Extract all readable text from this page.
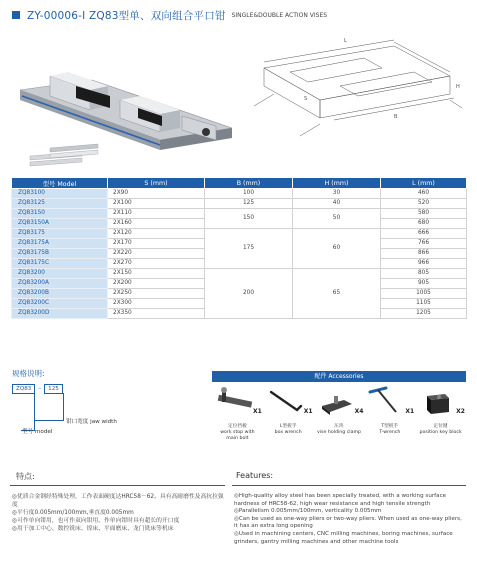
ZY-00006-I ZQ83型单、双向组合平口钳 SINGLE&DOUBLE ACTION VISES
L
S
H
B
型号 Model	S (mm)	B (mm)	H (mm)	L (mm)
ZQ83100	2X90	100	30	460
ZQ83125	2X100	125	40	520
ZQ83150	2X110	150	50	580
ZQ83150A	2X160			680
ZQ83175	2X120	175	60	666
ZQ83175A	2X170			766
ZQ83175B	2X220			866
ZQ83175C	2X270			966
ZQ83200	2X150	200	65	805
ZQ83200A	2X200			905
ZQ83200B	2X250			1005
ZQ83200C	2X300			1105
ZQ83200D	2X350			1205
规格说明:
ZQ83	–	125
钳口宽度 jaw width
型号 model
配件 Accessories
X1
定位挡板
work stop with
main bolt
X1
L型扳手
box wrench
X4
压块
vise holding clamp
X1
T型扳手
T-wrench
X2
定位键
position key block
特点:	Features:

◎优质合金钢经特殊处理，工作表面硬度达HRC58－62。具有高耐磨性及高抗拉强度

◎平行度0.005mm/100mm,垂直度0.005mm

◎可作单向钳用，也可作双向钳用，作单向钳时具有超长的开口度

◎用于加工中心、数控铣床、镗床、平面磨床、龙门铣床等机床

◎High-quality alloy steel has been specially treated, with a working surface hardness of HRC58-62, high wear resistance and high tensile strength

◎Parallelism 0.005mm/100mm, verticality 0.005mm

◎Can be used as one-way pliers or two-way pliers. When used as one-way pliers, it has an extra long opening

◎Used in machining centers, CNC milling machines, boring machines, surface grinders, gantry milling machines and other machine tools
